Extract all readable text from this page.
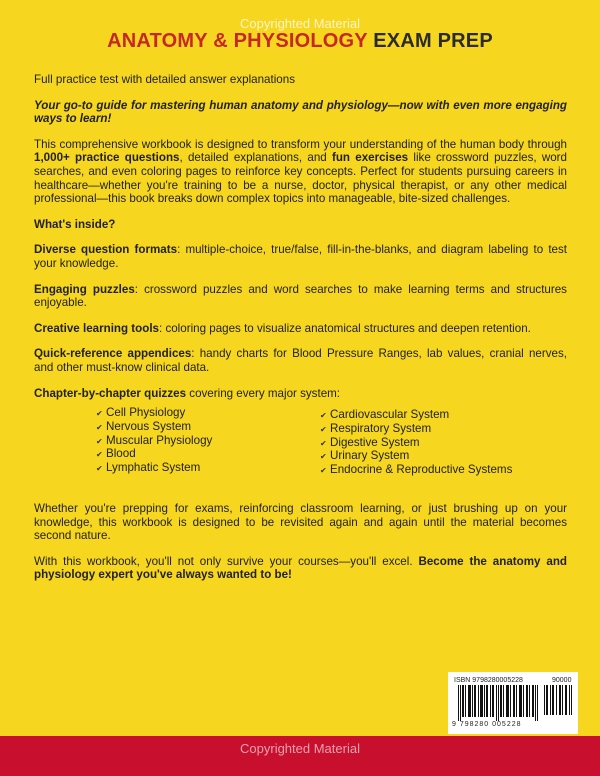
Copyrighted Material
ANATOMY & PHYSIOLOGY EXAM PREP

Full practice test with detailed answer explanations

Your go-to guide for mastering human anatomy and physiology—now with even more engaging ways to learn!

This comprehensive workbook is designed to transform your understanding of the human body through 1,000+ practice questions, detailed explanations, and fun exercises like crossword puzzles, word searches, and even coloring pages to reinforce key concepts. Perfect for students pursuing careers in healthcare—whether you're training to be a nurse, doctor, physical therapist, or any other medical professional—this book breaks down complex topics into manageable, bite-sized challenges.

What's inside?

Diverse question formats: multiple-choice, true/false, fill-in-the-blanks, and diagram labeling to test your knowledge.

Engaging puzzles: crossword puzzles and word searches to make learning terms and structures enjoyable.

Creative learning tools: coloring pages to visualize anatomical structures and deepen retention.

Quick-reference appendices: handy charts for Blood Pressure Ranges, lab values, cranial nerves, and other must-know clinical data.

Chapter-by-chapter quizzes covering every major system:

✔ Cell Physiology
✔ Nervous System
✔ Muscular Physiology
✔ Blood
✔ Lymphatic System
✔ Cardiovascular System
✔ Respiratory System
✔ Digestive System
✔ Urinary System
✔ Endocrine & Reproductive Systems

Whether you're prepping for exams, reinforcing classroom learning, or just brushing up on your knowledge, this workbook is designed to be revisited again and again until the material becomes second nature.

With this workbook, you'll not only survive your courses—you'll excel. Become the anatomy and physiology expert you've always wanted to be!

ISBN 9798280005228	90000
9 798280 005228
Copyrighted Material
